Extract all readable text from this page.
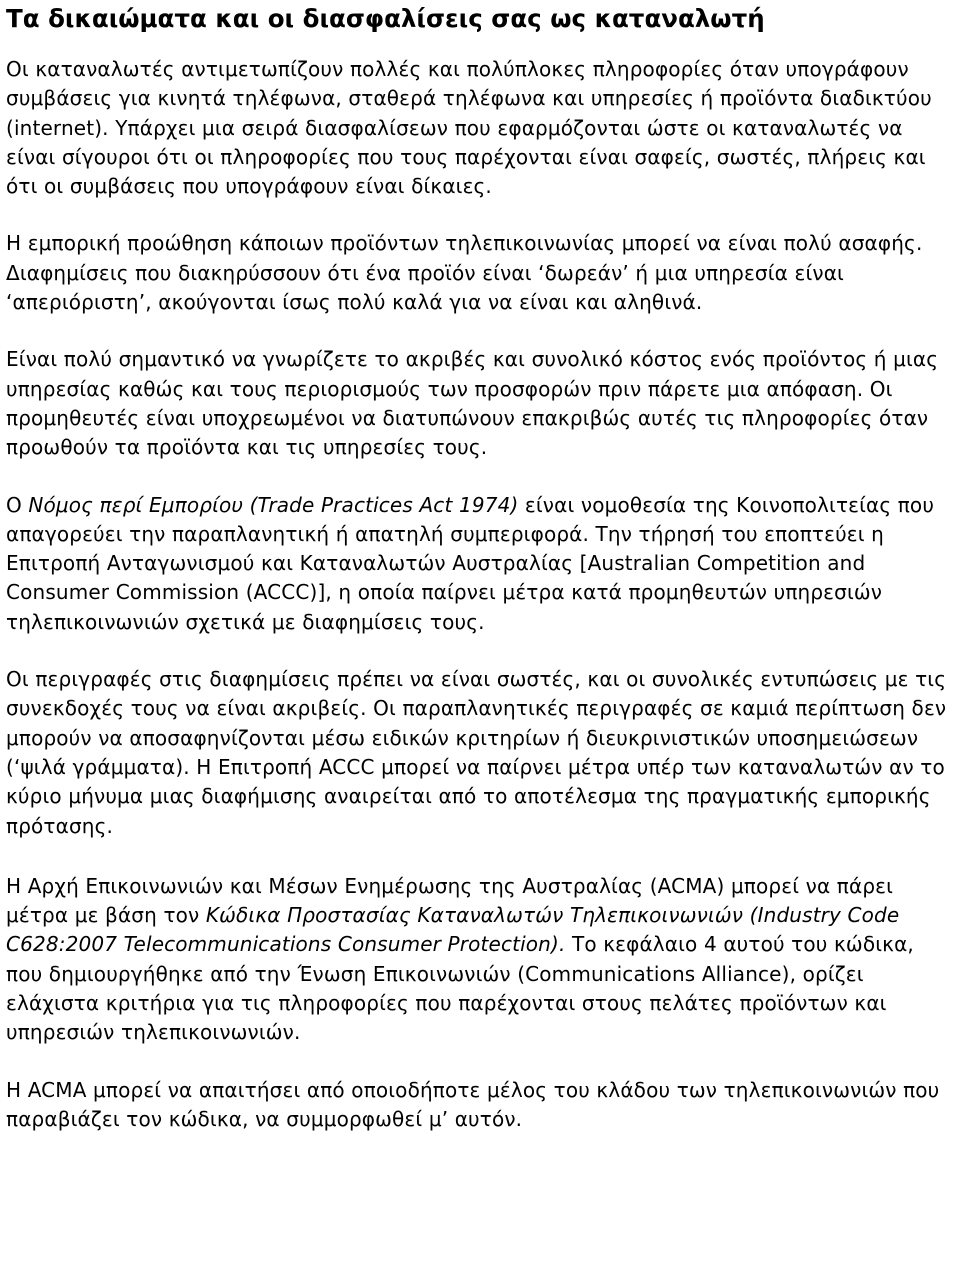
Τα δικαιώματα και οι διασφαλίσεις σας ως καταναλωτή

Οι καταναλωτές αντιμετωπίζουν πολλές και πολύπλοκες πληροφορίες όταν υπογράφουν συμβάσεις για κινητά τηλέφωνα, σταθερά τηλέφωνα και υπηρεσίες ή προϊόντα διαδικτύου (internet). Υπάρχει μια σειρά διασφαλίσεων που εφαρμόζονται ώστε οι καταναλωτές να είναι σίγουροι ότι οι πληροφορίες που τους παρέχονται είναι σαφείς, σωστές, πλήρεις και ότι οι συμβάσεις που υπογράφουν είναι δίκαιες.

Η εμπορική προώθηση κάποιων προϊόντων τηλεπικοινωνίας μπορεί να είναι πολύ ασαφής. Διαφημίσεις που διακηρύσσουν ότι ένα προϊόν είναι ‘δωρεάν’ ή μια υπηρεσία είναι ‘απεριόριστη’, ακούγονται ίσως πολύ καλά για να είναι και αληθινά.

Είναι πολύ σημαντικό να γνωρίζετε το ακριβές και συνολικό κόστος ενός προϊόντος ή μιας υπηρεσίας καθώς και τους περιορισμούς των προσφορών πριν πάρετε μια απόφαση. Οι προμηθευτές είναι υποχρεωμένοι να διατυπώνουν επακριβώς αυτές τις πληροφορίες όταν προωθούν τα προϊόντα και τις υπηρεσίες τους.

Ο Νόμος περί Εμπορίου (Trade Practices Act 1974) είναι νομοθεσία της Κοινοπολιτείας που απαγορεύει την παραπλανητική ή απατηλή συμπεριφορά. Την τήρησή του εποπτεύει η Επιτροπή Ανταγωνισμού και Καταναλωτών Αυστραλίας [Australian Competition and Consumer Commission (ACCC)], η οποία παίρνει μέτρα κατά προμηθευτών υπηρεσιών τηλεπικοινωνιών σχετικά με διαφημίσεις τους.

Οι περιγραφές στις διαφημίσεις πρέπει να είναι σωστές, και οι συνολικές εντυπώσεις με τις συνεκδοχές τους να είναι ακριβείς. Οι παραπλανητικές περιγραφές σε καμιά περίπτωση δεν μπορούν να αποσαφηνίζονται μέσω ειδικών κριτηρίων ή διευκρινιστικών υποσημειώσεων (‘ψιλά γράμματα). Η Επιτροπή ACCC μπορεί να παίρνει μέτρα υπέρ των καταναλωτών αν το κύριο μήνυμα μιας διαφήμισης αναιρείται από το αποτέλεσμα της πραγματικής εμπορικής πρότασης.

Η Αρχή Επικοινωνιών και Μέσων Ενημέρωσης της Αυστραλίας (ACMA) μπορεί να πάρει μέτρα με βάση τον Κώδικα Προστασίας Καταναλωτών Τηλεπικοινωνιών (Industry Code C628:2007 Telecommunications Consumer Protection). Το κεφάλαιο 4 αυτού του κώδικα, που δημιουργήθηκε από την Ένωση Επικοινωνιών (Communications Alliance), ορίζει ελάχιστα κριτήρια για τις πληροφορίες που παρέχονται στους πελάτες προϊόντων και υπηρεσιών τηλεπικοινωνιών.

Η ACMA μπορεί να απαιτήσει από οποιοδήποτε μέλος του κλάδου των τηλεπικοινωνιών που παραβιάζει τον κώδικα, να συμμορφωθεί μ’ αυτόν.
